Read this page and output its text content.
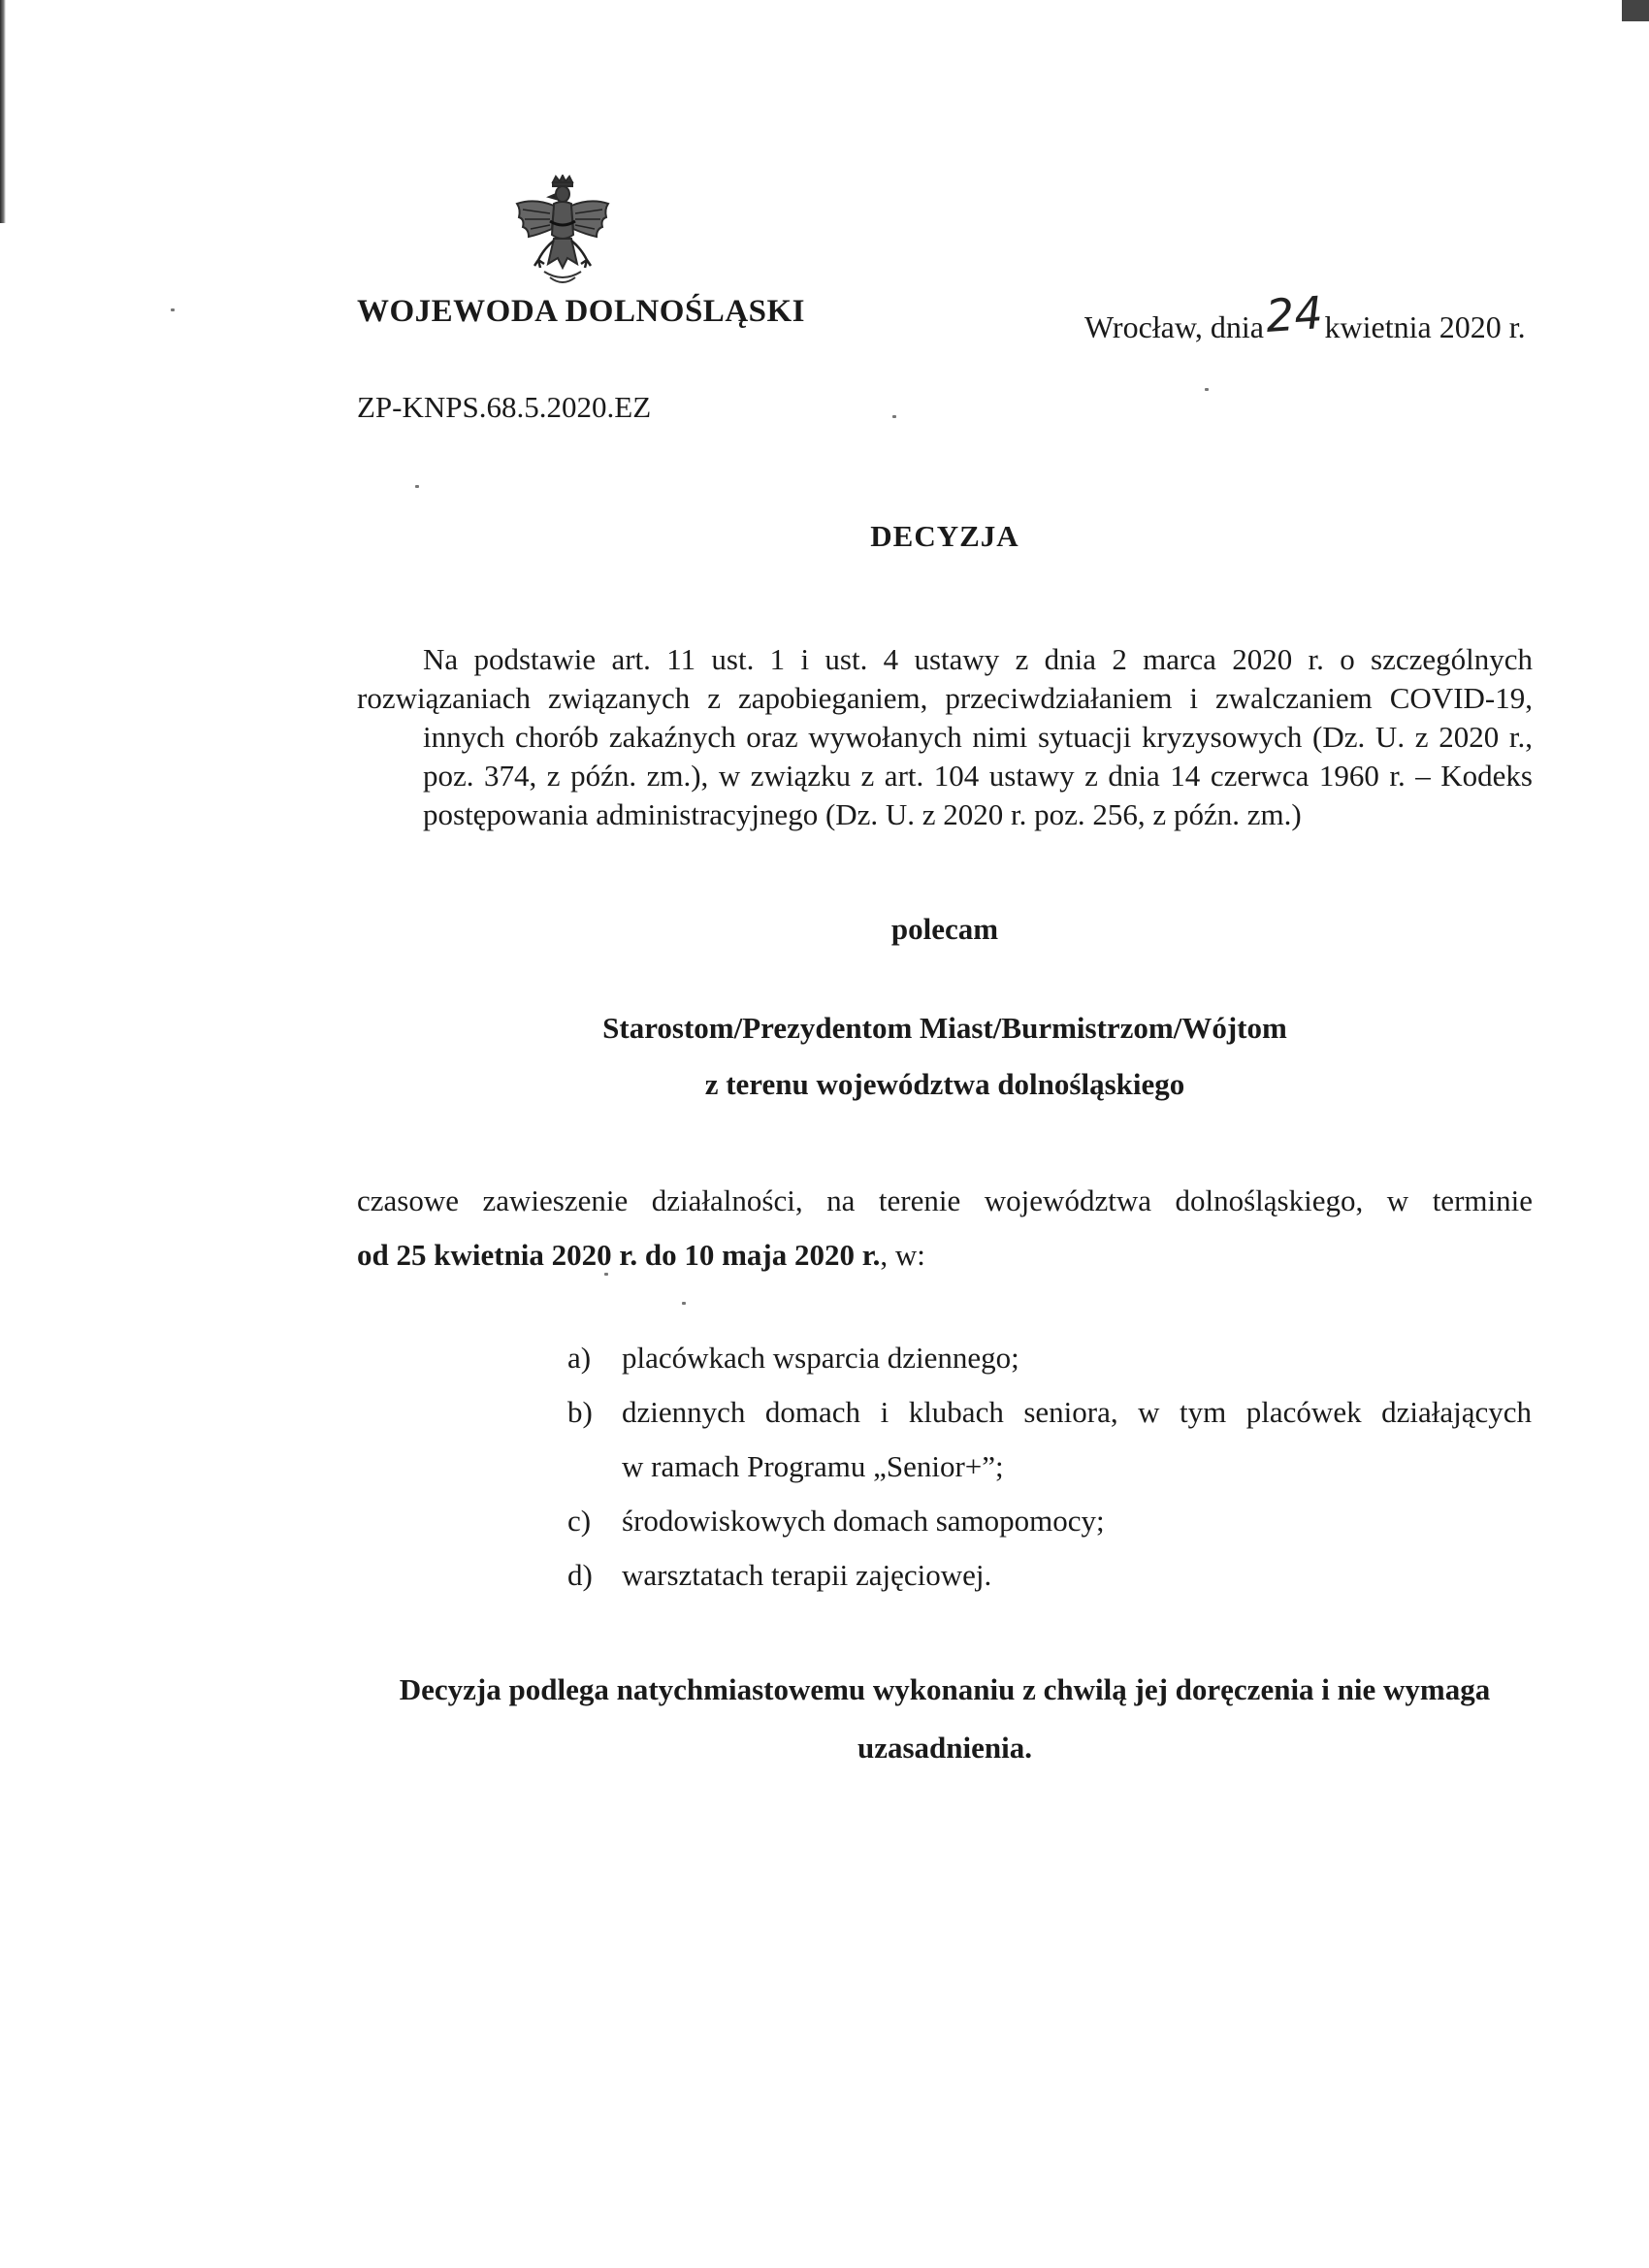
WOJEWODA DOLNOŚLĄSKI	Wrocław, dnia24kwietnia 2020 r.
ZP-KNPS.68.5.2020.EZ
DECYZJA
Na podstawie art. 11 ust. 1 i ust. 4 ustawy z dnia 2 marca 2020 r. o szczególnych
rozwiązaniach związanych z zapobieganiem, przeciwdziałaniem i zwalczaniem COVID-19,
innych chorób zakaźnych oraz wywołanych nimi sytuacji kryzysowych (Dz. U. z 2020 r.,
poz. 374, z późn. zm.), w związku z art. 104 ustawy z dnia 14 czerwca 1960 r. – Kodeks
postępowania administracyjnego (Dz. U. z 2020 r. poz. 256, z późn. zm.)
polecam
Starostom/Prezydentom Miast/Burmistrzom/Wójtom
z terenu województwa dolnośląskiego
czasowe zawieszenie działalności, na terenie województwa dolnośląskiego, w terminie
od 25 kwietnia 2020 r. do 10 maja 2020 r., w:
a) placówkach wsparcia dziennego;
b) dziennych domach i klubach seniora, w tym placówek działających
w ramach Programu „Senior+”;
c) środowiskowych domach samopomocy;
d) warsztatach terapii zajęciowej.
Decyzja podlega natychmiastowemu wykonaniu z chwilą jej doręczenia i nie wymaga
uzasadnienia.
